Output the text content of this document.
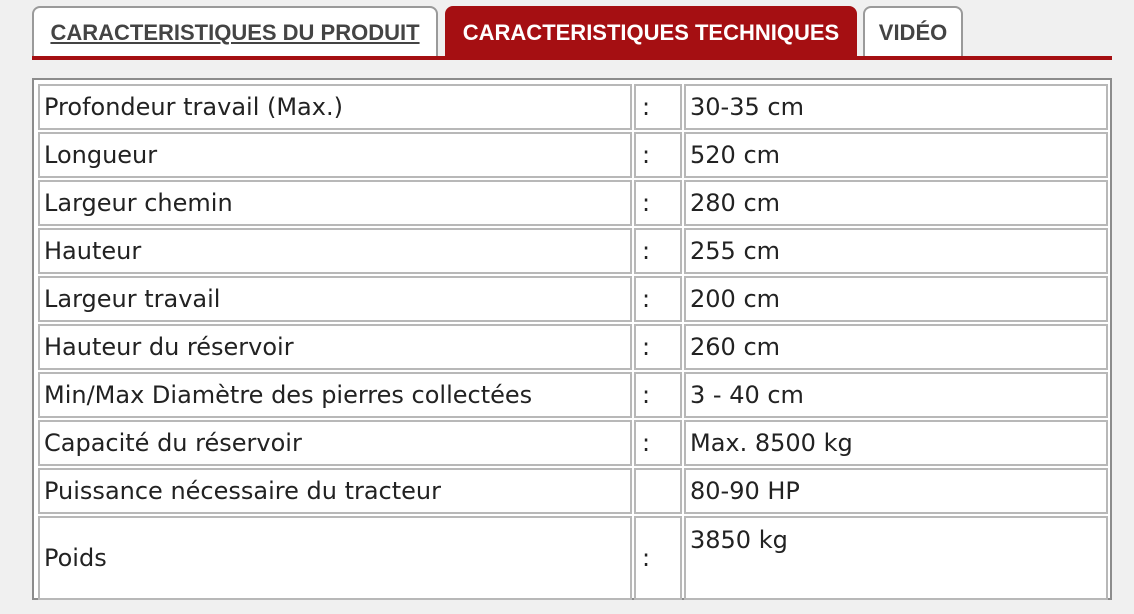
CARACTERISTIQUES DU PRODUIT	CARACTERISTIQUES TECHNIQUES	VIDÉO
Profondeur travail (Max.)	:	30-35 cm
Longueur	:	520 cm
Largeur chemin	:	280 cm
Hauteur	:	255 cm
Largeur travail	:	200 cm
Hauteur du réservoir	:	260 cm
Min/Max Diamètre des pierres collectées	:	3 - 40 cm
Capacité du réservoir	:	Max. 8500 kg
Puissance nécessaire du tracteur		80-90 HP
Poids	:	3850 kg
